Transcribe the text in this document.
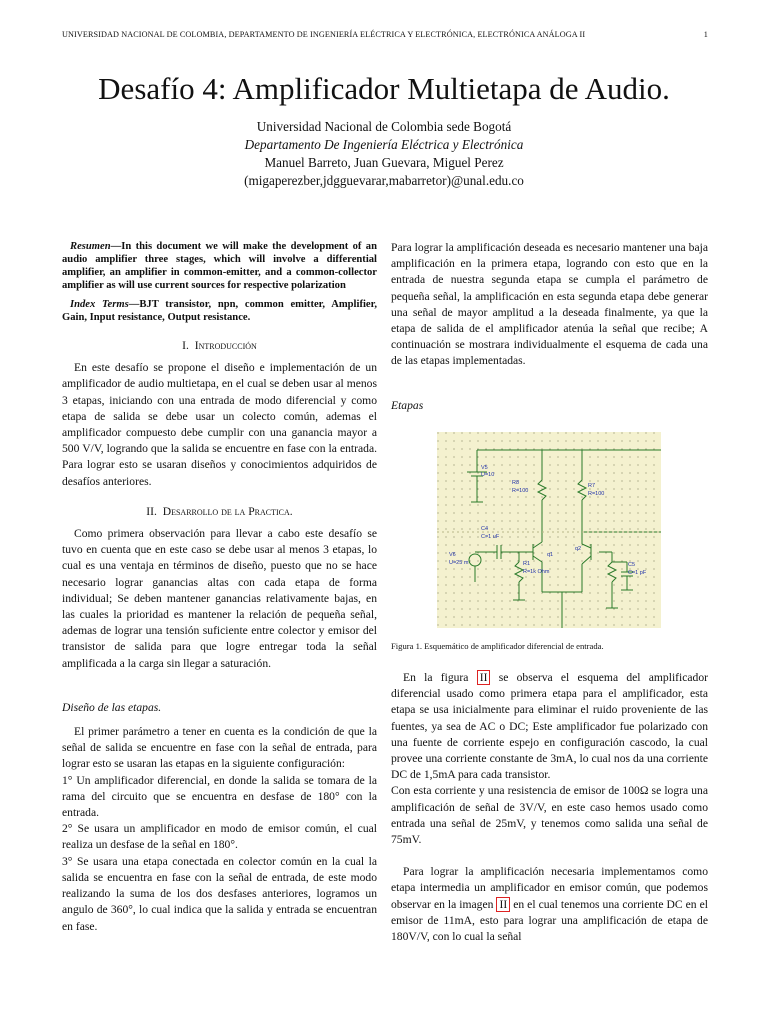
UNIVERSIDAD NACIONAL DE COLOMBIA, DEPARTAMENTO DE INGENIERÍA ELÉCTRICA Y ELECTRÓNICA, ELECTRÓNICA ANÁLOGA II	1
Desafío 4: Amplificador Multietapa de Audio.
Universidad Nacional de Colombia sede Bogotá
Departamento De Ingeniería Eléctrica y Electrónica
Manuel Barreto, Juan Guevara, Miguel Perez
(migaperezber,jdgguevarar,mabarretor)@unal.edu.co

Resumen—In this document we will make the development of an audio amplifier three stages, which will involve a differential amplifier, an amplifier in common-emitter, and a common-collector amplifier as will use current sources for respective polarization

Index Terms—BJT transistor, npn, common emitter, Amplifier, Gain, Input resistance, Output resistance.

I. Introducción

En este desafío se propone el diseño e implementación de un amplificador de audio multietapa, en el cual se deben usar al menos 3 etapas, iniciando con una entrada de modo diferencial y como etapa de salida se debe usar un colecto común, ademas el amplificador compuesto debe cumplir con una ganancia mayor a 500 V/V, logrando que la salida se encuentre en fase con la entrada. Para lograr esto se usaran diseños y conocimientos adquiridos de desafíos anteriores.

II. Desarrollo de la Practica.

Como primera observación para llevar a cabo este desafío se tuvo en cuenta que en este caso se debe usar al menos 3 etapas, lo cual es una ventaja en términos de diseño, puesto que no se hace necesario lograr ganancias altas con cada etapa de forma individual; Se deben mantener ganancias relativamente bajas, en las cuales la prioridad es mantener la relación de pequeña señal, ademas de lograr una tensión suficiente entre colector y emisor del transistor de salida para que logre entregar toda la señal amplificada a la carga sin llegar a saturación.

Diseño de las etapas.

El primer parámetro a tener en cuenta es la condición de que la señal de salida se encuentre en fase con la señal de entrada, para lograr esto se usaran las etapas en la siguiente configuración:

1° Un amplificador diferencial, en donde la salida se tomara de la rama del circuito que se encuentra en desfase de 180° con la entrada.

2° Se usara un amplificador en modo de emisor común, el cual realiza un desfase de la señal en 180°.

3° Se usara una etapa conectada en colector común en la cual la salida se encuentra en fase con la señal de entrada, de este modo realizando la suma de los dos desfases anteriores, logramos un angulo de 360°, lo cual indica que la salida y entrada se encuentran en fase.

Para lograr la amplificación deseada es necesario mantener una baja amplificación en la primera etapa, logrando con esto que en la entrada de nuestra segunda etapa se cumpla el parámetro de pequeña señal, la amplificación en esta segunda etapa debe generar una señal de mayor amplitud a la deseada finalmente, ya que la etapa de salida de el amplificador atenúa la señal que recibe; A continuación se mostrara individualmente el esquema de cada una de las etapas implementadas.

Etapas
V5
U=10
R8
R=100
R7
R=100
C4
C=1 uF
V6
U=25 m	R1
R=1k Ohm
q1
q2
C5
C=1 pF
Figura 1. Esquemático de amplificador diferencial de entrada.

En la figura II se observa el esquema del amplificador diferencial usado como primera etapa para el amplificador, esta etapa se usa inicialmente para eliminar el ruido proveniente de las fuentes, ya sea de AC o DC; Este amplificador fue polarizado con una fuente de corriente espejo en configuración cascodo, la cual provee una corriente constante de 3mA, lo cual nos da una corriente DC de 1,5mA para cada transistor.

Con esta corriente y una resistencia de emisor de 100Ω se logra una amplificación de señal de 3V/V, en este caso hemos usado como entrada una señal de 25mV, y tenemos como salida una señal de 75mV.

Para lograr la amplificación necesaria implementamos como etapa intermedia un amplificador en emisor común, que podemos observar en la imagen II en el cual tenemos una corriente DC en el emisor de 11mA, esto para lograr una amplificación de etapa de 180V/V, con lo cual la señal
